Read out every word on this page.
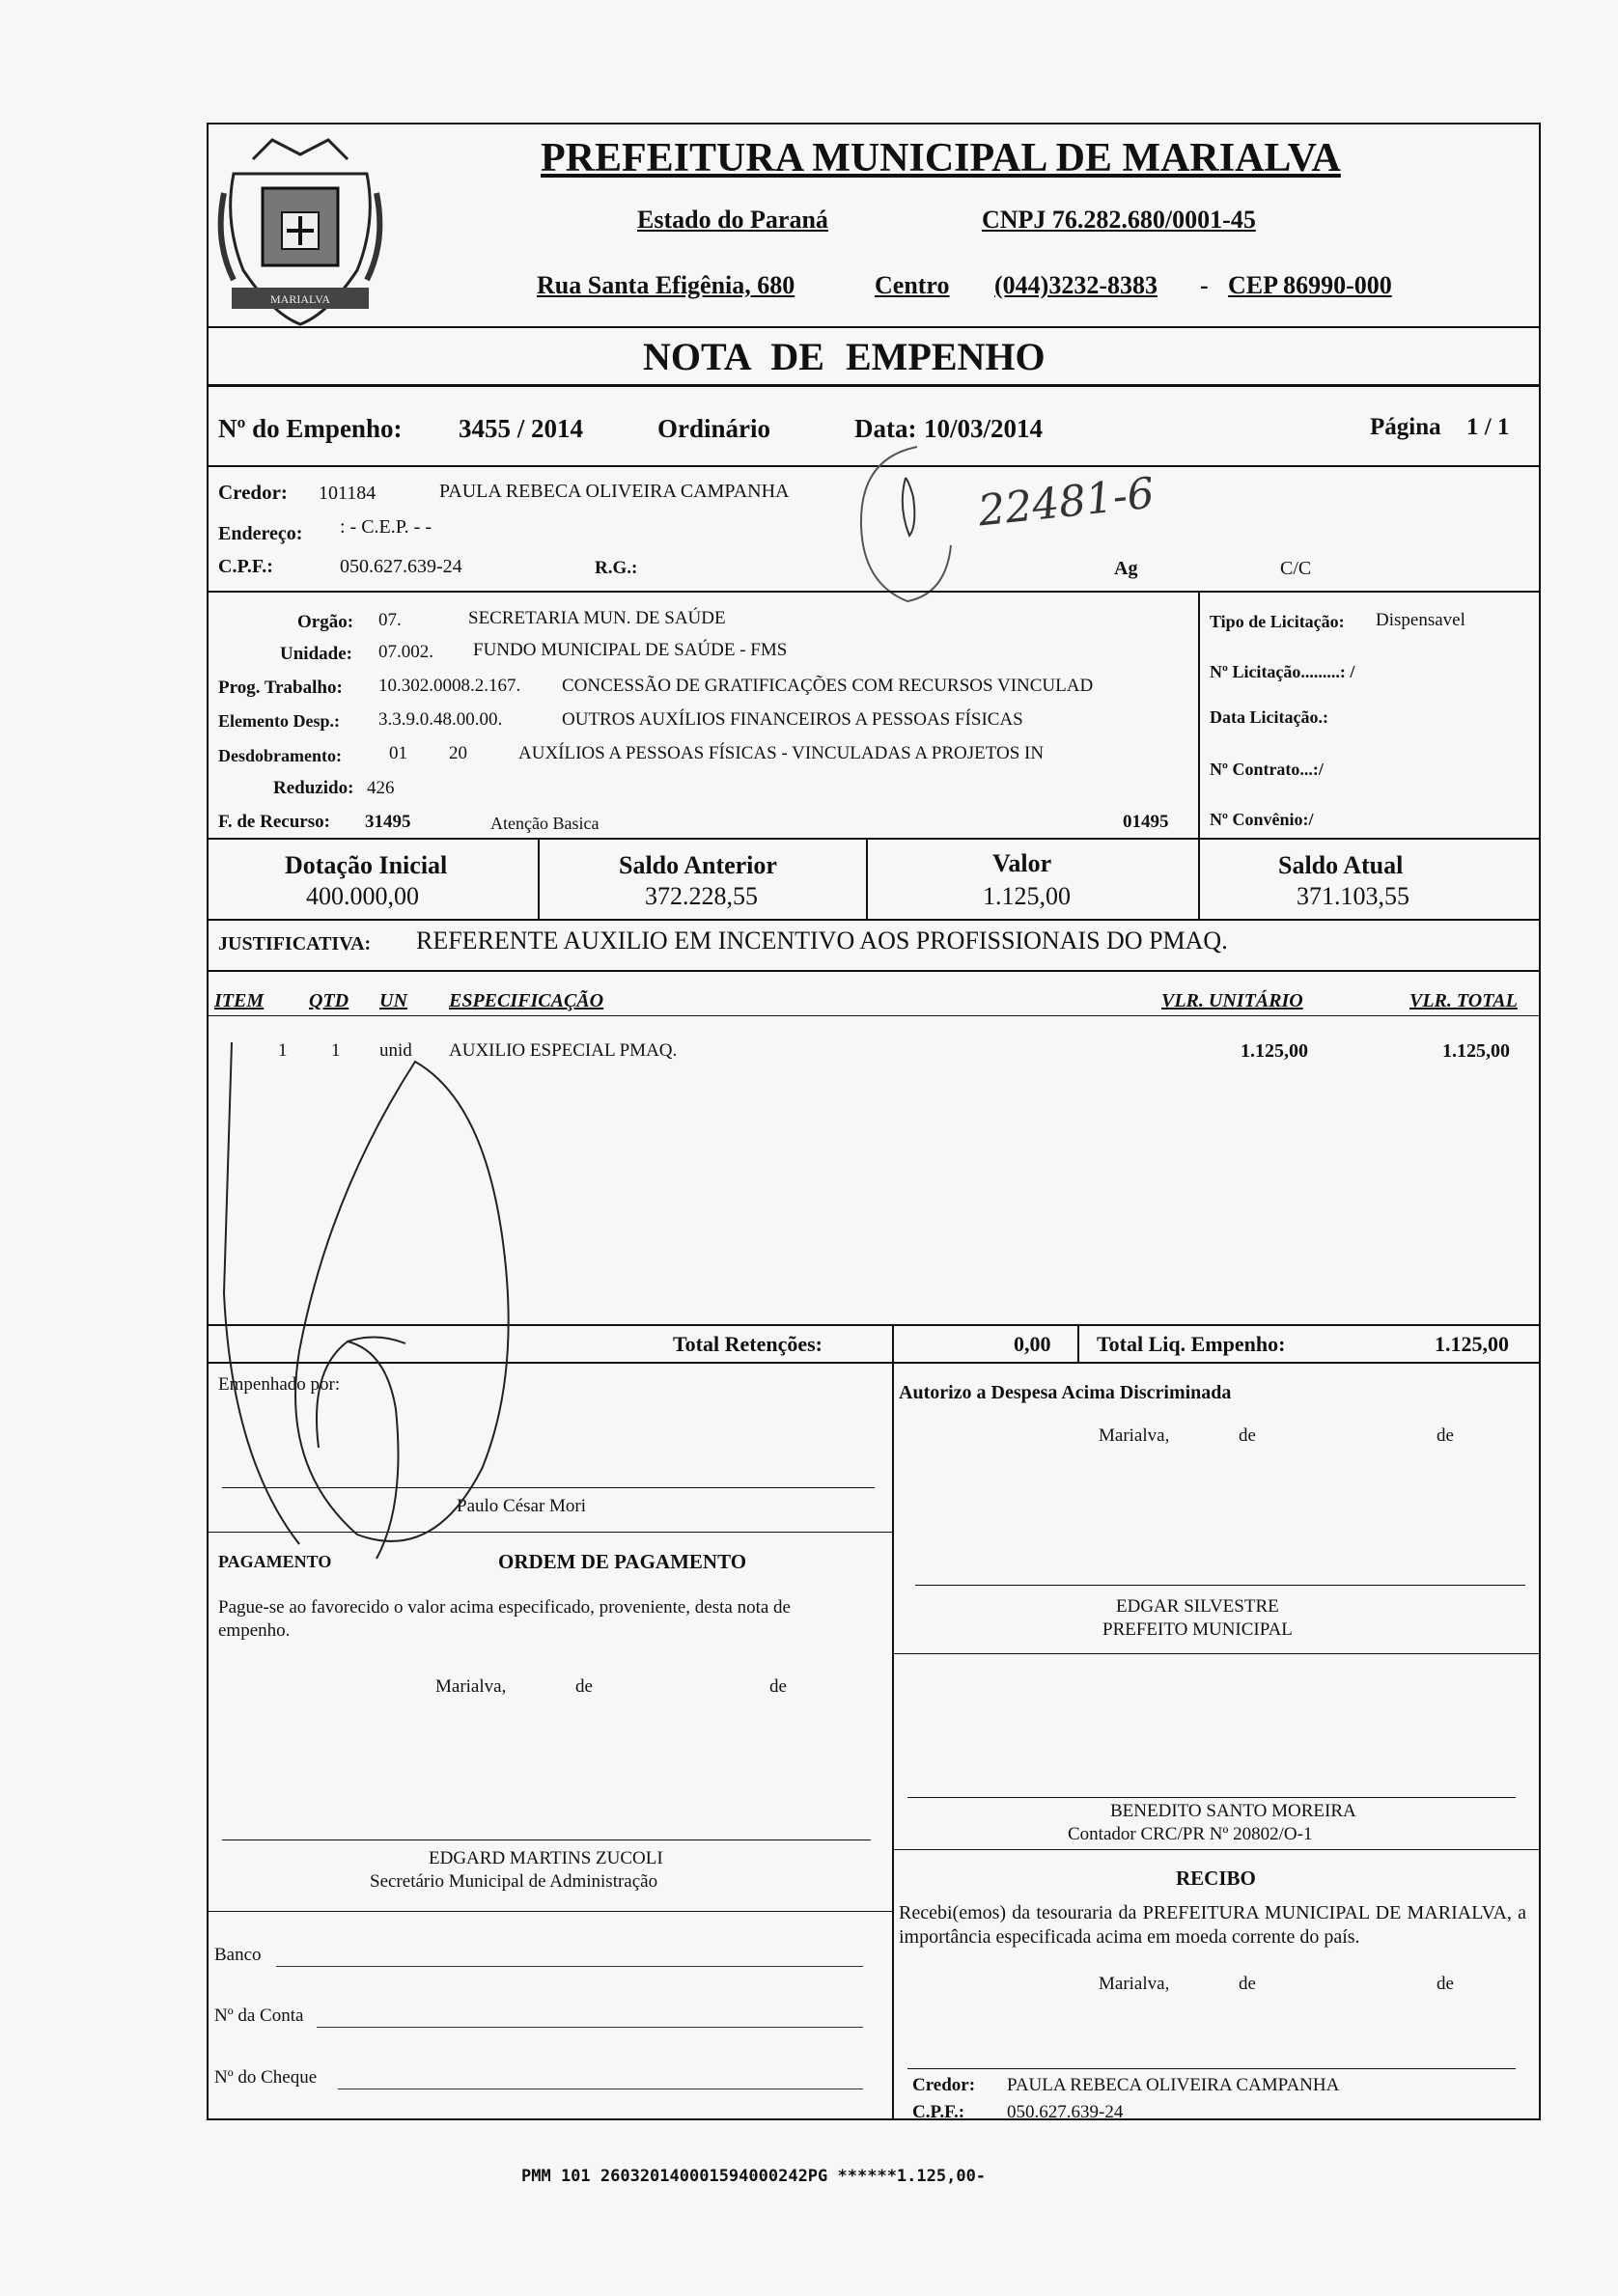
MARIALVA
PREFEITURA MUNICIPAL DE MARIALVA
Estado do Paraná	CNPJ 76.282.680/0001-45
Rua Santa Efigênia, 680	Centro (044)3232-8383 - CEP 86990-000
NOTA DE EMPENHO
Nº do Empenho: 3455 / 2014	Ordinário	Data: 10/03/2014	Página 1 / 1
Credor: 101184	PAULA REBECA OLIVEIRA CAMPANHA
Endereço: : - C.E.P. - -
C.P.F.:	050.627.639-24	R.G.:	Ag	C/C
22481-6
Orgão: 07.	SECRETARIA MUN. DE SAÚDE
Unidade: 07.002. FUNDO MUNICIPAL DE SAÚDE - FMS
Prog. Trabalho: 10.302.0008.2.167. CONCESSÃO DE GRATIFICAÇÕES COM RECURSOS VINCULAD
Elemento Desp.: 3.3.9.0.48.00.00.	OUTROS AUXÍLIOS FINANCEIROS A PESSOAS FÍSICAS
Desdobramento:	01 20	AUXÍLIOS A PESSOAS FÍSICAS - VINCULADAS A PROJETOS IN
Reduzido: 426
F. de Recurso: 31495	Atenção Basica	01495
Tipo de Licitação: Dispensavel
Nº Licitação.........: /
Data Licitação.:
Nº Contrato...:/
Nº Convênio:/
Dotação Inicial
400.000,00
Saldo Anterior
372.228,55
Valor
1.125,00
Saldo Atual
371.103,55
JUSTIFICATIVA: REFERENTE AUXILIO EM INCENTIVO AOS PROFISSIONAIS DO PMAQ.
ITEM QTD UN ESPECIFICAÇÃO	VLR. UNITÁRIO	VLR. TOTAL
1 1 unid AUXILIO ESPECIAL PMAQ.	1.125,00	1.125,00
Total Retenções:	0,00 Total Liq. Empenho:	1.125,00
Empenhado por:
Paulo César Mori
Autorizo a Despesa Acima Discriminada
Marialva,	de	de
PAGAMENTO	ORDEM DE PAGAMENTO
Pague-se ao favorecido o valor acima especificado, proveniente, desta nota de empenho.
Marialva,	de	de
EDGAR SILVESTRE
PREFEITO MUNICIPAL
BENEDITO SANTO MOREIRA
Contador CRC/PR Nº 20802/O-1
EDGARD MARTINS ZUCOLI
Secretário Municipal de Administração
Banco
Nº da Conta
Nº do Cheque
RECIBO
Recebi(emos) da tesouraria da PREFEITURA MUNICIPAL DE MARIALVA, a importância especificada acima em moeda corrente do país.
Marialva,	de	de
Credor: PAULA REBECA OLIVEIRA CAMPANHA
C.P.F.: 050.627.639-24
PMM 101 260320140001594000242PG ******1.125,00-
